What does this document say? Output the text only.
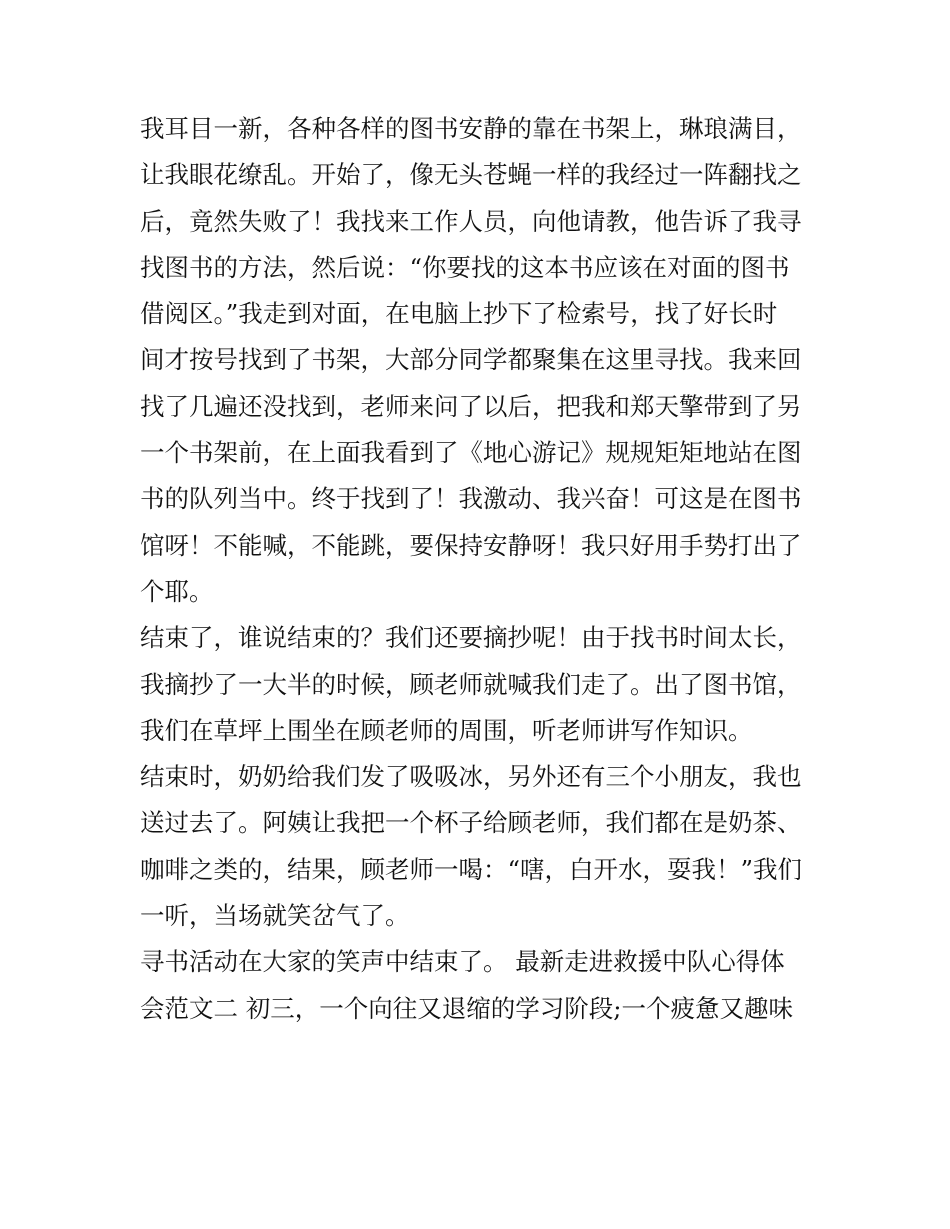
我耳目一新，各种各样的图书安静的靠在书架上，琳琅满目，
让我眼花缭乱。开始了，像无头苍蝇一样的我经过一阵翻找之
后，竟然失败了！我找来工作人员，向他请教，他告诉了我寻
找图书的方法，然后说：“你要找的这本书应该在对面的图书
借阅区。”我走到对面，在电脑上抄下了检索号，找了好长时
间才按号找到了书架，大部分同学都聚集在这里寻找。我来回
找了几遍还没找到，老师来问了以后，把我和郑天擎带到了另
一个书架前，在上面我看到了《地心游记》规规矩矩地站在图
书的队列当中。终于找到了！我激动、我兴奋！可这是在图书
馆呀！不能喊，不能跳，要保持安静呀！我只好用手势打出了
个耶。
结束了，谁说结束的？我们还要摘抄呢！由于找书时间太长，
我摘抄了一大半的时候，顾老师就喊我们走了。出了图书馆，
我们在草坪上围坐在顾老师的周围，听老师讲写作知识。
结束时，奶奶给我们发了吸吸冰，另外还有三个小朋友，我也
送过去了。阿姨让我把一个杯子给顾老师，我们都在是奶茶、
咖啡之类的，结果，顾老师一喝：“嗐，白开水，耍我！”我们
一听，当场就笑岔气了。
寻书活动在大家的笑声中结束了。 最新走进救援中队心得体
会范文二 初三，一个向往又退缩的学习阶段;一个疲惫又趣味
